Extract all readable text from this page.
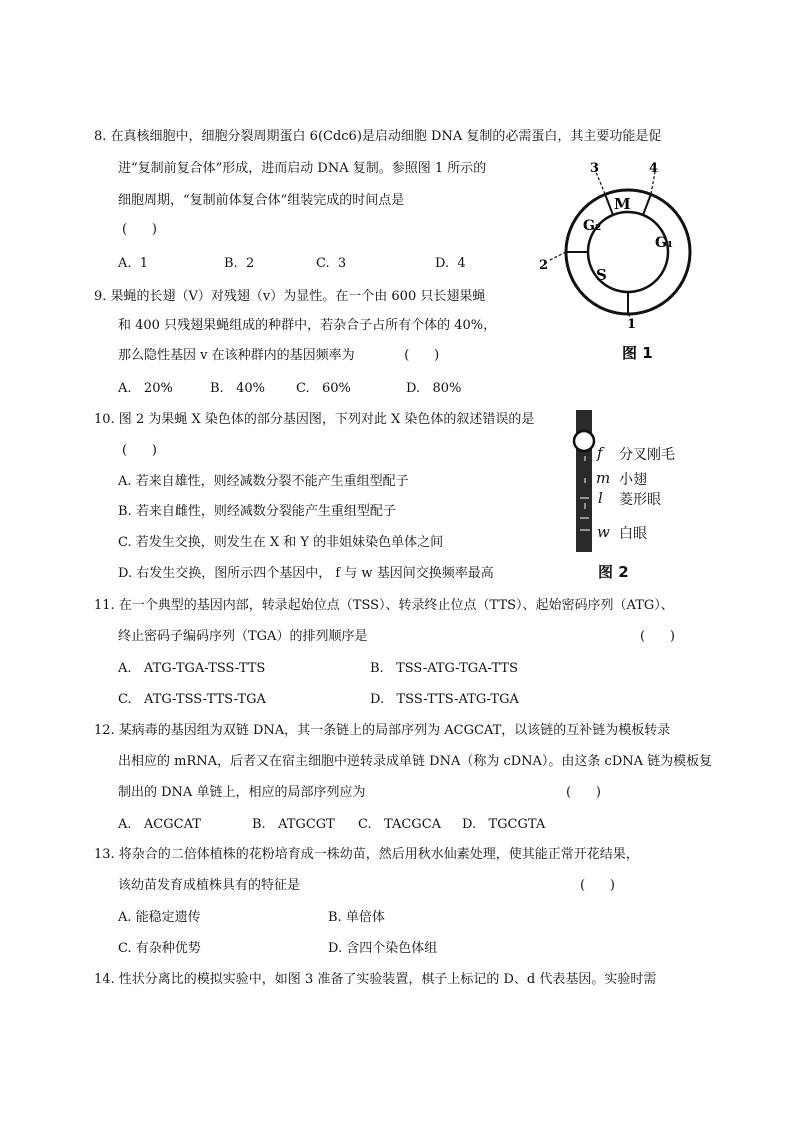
8. 在真核细胞中，细胞分裂周期蛋白 6(Cdc6)是启动细胞 DNA 复制的必需蛋白，其主要功能是促
进“复制前复合体”形成，进而启动 DNA 复制。参照图 1 所示的
细胞周期，“复制前体复合体”组装完成的时间点是
(      )
A.  1	B.  2	C.  3	D.  4
M
G₂
G₁
S
3	4
2
1
图 1
9. 果蝇的长翅（V）对残翅（v）为显性。在一个由 600 只长翅果蝇
和 400 只残翅果蝇组成的种群中，若杂合子占所有个体的 40%，
那么隐性基因 v 在该种群内的基因频率为            (      )
A.   20%	B.   40% C.   60%	D.   80%
10. 图 2 为果蝇 X 染色体的部分基因图，下列对此 X 染色体的叙述错误的是
(      )
A. 若来自雄性，则经减数分裂不能产生重组型配子
B. 若来自雌性，则经减数分裂能产生重组型配子
C. 若发生交换，则发生在 X 和 Y 的非姐妹染色单体之间
D. 右发生交换，图所示四个基因中， f 与 w 基因间交换频率最高
f 分叉刚毛
m 小翅
l 菱形眼
w 白眼
图 2
11. 在一个典型的基因内部，转录起始位点（TSS）、转录终止位点（TTS）、起始密码序列（ATG）、
终止密码子编码序列（TGA）的排列顺序是	(      )
A.   ATG-TGA-TSS-TTS	B.   TSS-ATG-TGA-TTS
C.   ATG-TSS-TTS-TGA	D.   TSS-TTS-ATG-TGA
12. 某病毒的基因组为双链 DNA，其一条链上的局部序列为 ACGCAT，以该链的互补链为模板转录
出相应的 mRNA，后者又在宿主细胞中逆转录成单链 DNA（称为 cDNA）。由这条 cDNA 链为模板复
制出的 DNA 单链上，相应的局部序列应为	(      )
A.   ACGCAT	B.   ATGCGT C.   TACGCA D.   TGCGTA
13. 将杂合的二倍体植株的花粉培育成一株幼苗，然后用秋水仙素处理，使其能正常开花结果，
该幼苗发育成植株具有的特征是	(      )
A. 能稳定遗传	B. 单倍体
C. 有杂种优势	D. 含四个染色体组
14. 性状分离比的模拟实验中，如图 3 准备了实验装置，棋子上标记的 D、d 代表基因。实验时需
